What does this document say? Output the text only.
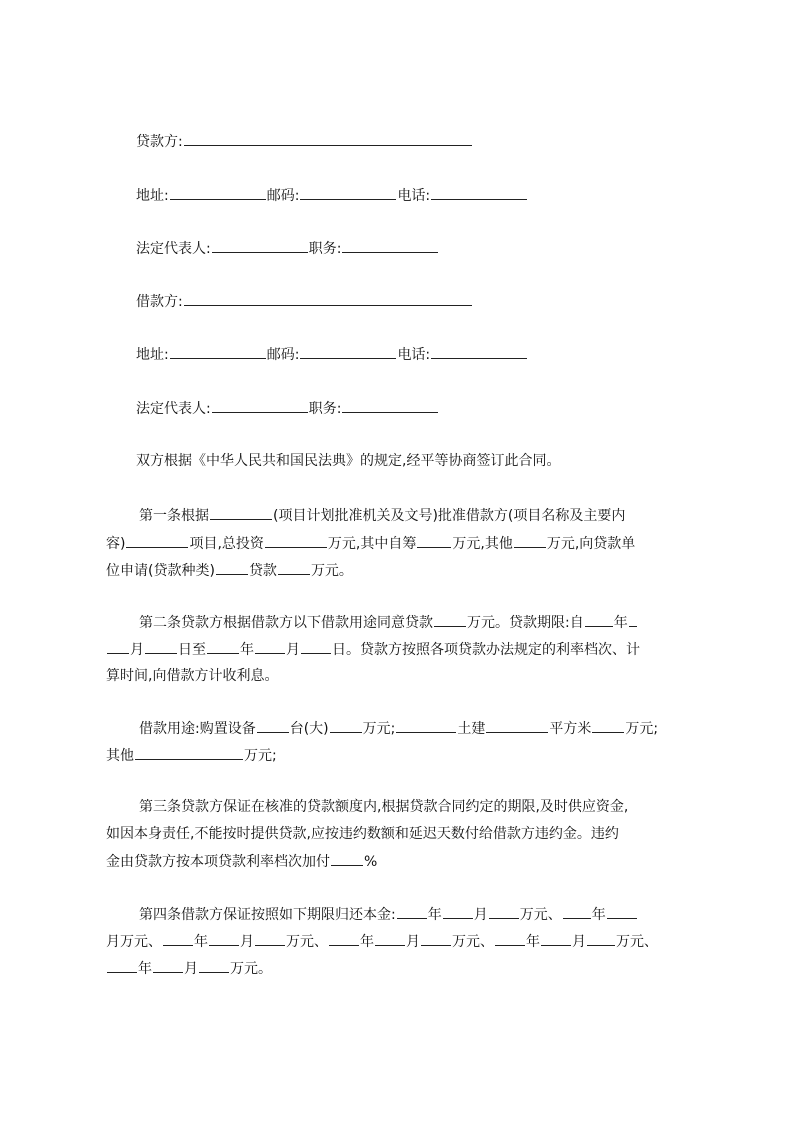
贷款方:
地址:	邮码:	电话:
法定代表人:	职务:
借款方:
地址:	邮码:	电话:
法定代表人:	职务:
双方根据《中华人民共和国民法典》的规定,经平等协商签订此合同。
第一条根据	(项目计划批准机关及文号)批准借款方(项目名称及主要内
容)	项目,总投资	万元,其中自筹	万元,其他 万元,向贷款单
位申请(贷款种类) 贷款 万元。
第二条贷款方根据借款方以下借款用途同意贷款 万元。贷款期限:自 年
月 日至 年 月 日。贷款方按照各项贷款办法规定的利率档次、计
算时间,向借款方计收利息。
借款用途:购置设备 台(大) 万元;	土建	平方米 万元;
其他	万元;
第三条贷款方保证在核准的贷款额度内,根据贷款合同约定的期限,及时供应资金,
如因本身责任,不能按时提供贷款,应按违约数额和延迟天数付给借款方违约金。违约
金由贷款方按本项贷款利率档次加付 %
第四条借款方保证按照如下期限归还本金: 年 月 万元、 年
月万元、 年 月 万元、 年 月 万元、 年 月 万元、
年 月 万元。
